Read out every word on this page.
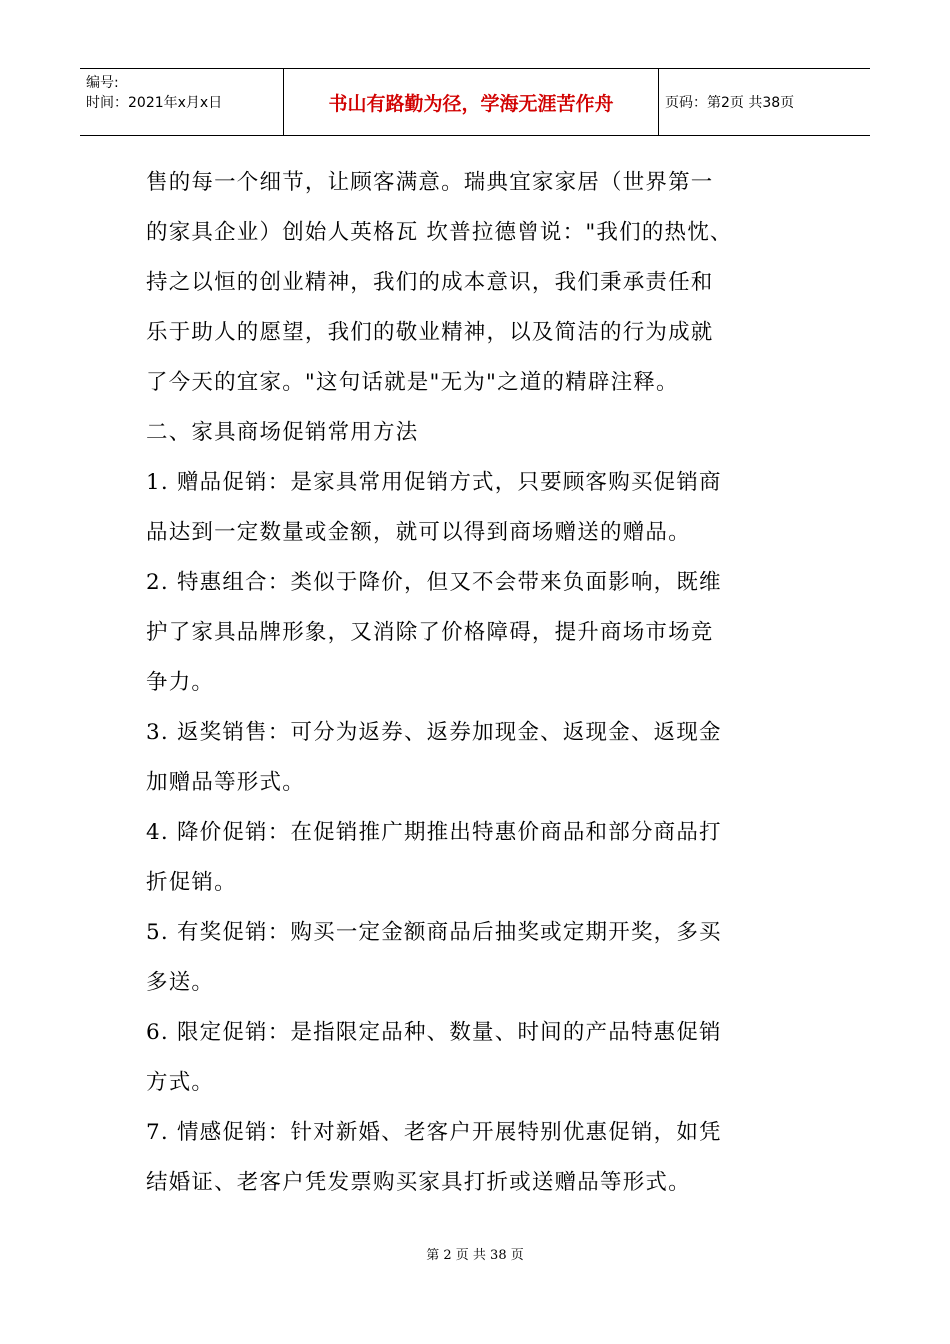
编号:
时间：2021年x月x日	书山有路勤为径，学海无涯苦作舟	页码：第2页 共38页
售的每一个细节，让顾客满意。瑞典宜家家居（世界第一
的家具企业）创始人英格瓦 坎普拉德曾说："我们的热忱、
持之以恒的创业精神，我们的成本意识，我们秉承责任和
乐于助人的愿望，我们的敬业精神，以及简洁的行为成就
了今天的宜家。"这句话就是"无为"之道的精辟注释。
二、家具商场促销常用方法
1. 赠品促销：是家具常用促销方式，只要顾客购买促销商
品达到一定数量或金额，就可以得到商场赠送的赠品。
2. 特惠组合：类似于降价，但又不会带来负面影响，既维
护了家具品牌形象，又消除了价格障碍，提升商场市场竞
争力。
3. 返奖销售：可分为返券、返券加现金、返现金、返现金
加赠品等形式。
4. 降价促销：在促销推广期推出特惠价商品和部分商品打
折促销。
5. 有奖促销：购买一定金额商品后抽奖或定期开奖，多买
多送。
6. 限定促销：是指限定品种、数量、时间的产品特惠促销
方式。
7. 情感促销：针对新婚、老客户开展特别优惠促销，如凭
结婚证、老客户凭发票购买家具打折或送赠品等形式。
第 2 页 共 38 页
